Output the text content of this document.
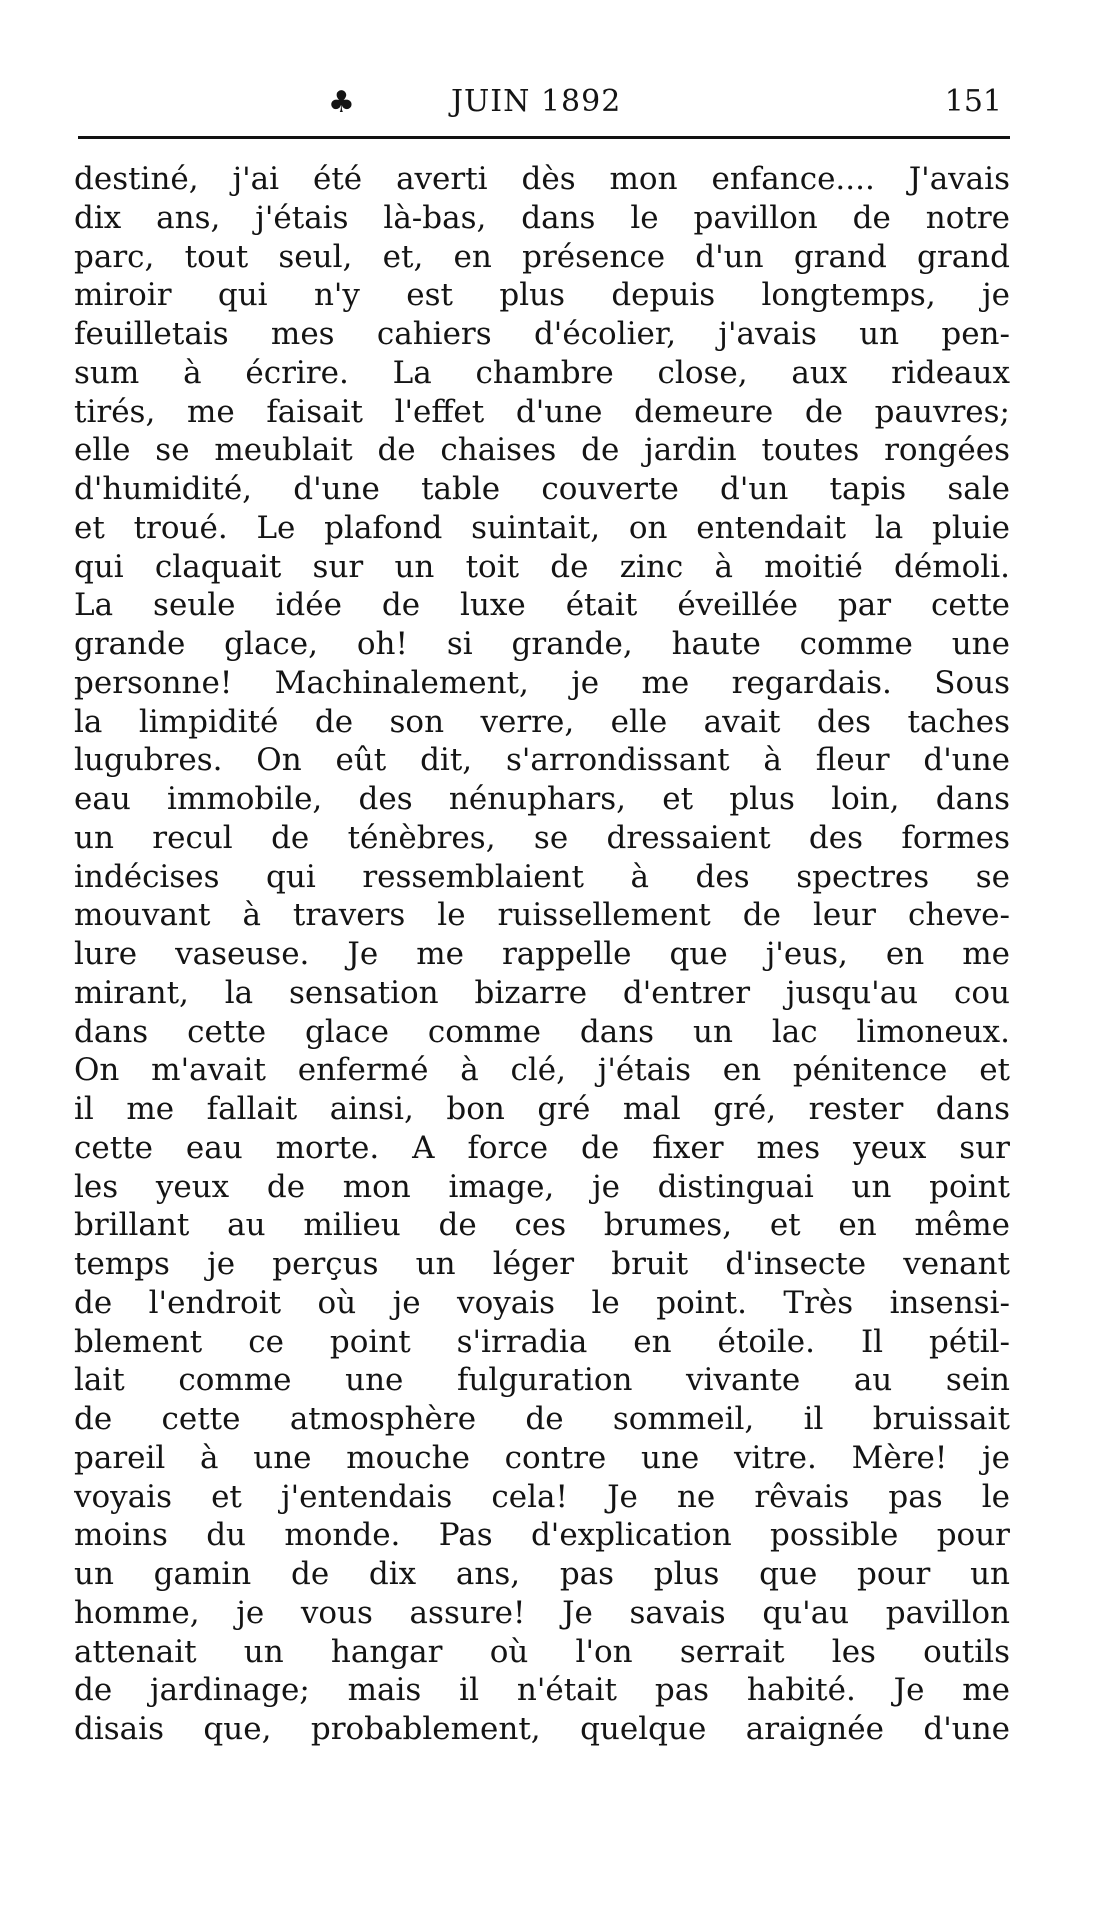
♣	JUIN 1892	151
destiné, j'ai été averti dès mon enfance.... J'avais
dix ans, j'étais là-bas, dans le pavillon de notre
parc, tout seul, et, en présence d'un grand grand
miroir qui n'y est plus depuis longtemps, je
feuilletais mes cahiers d'écolier, j'avais un pen-
sum à écrire. La chambre close, aux rideaux
tirés, me faisait l'effet d'une demeure de pauvres;
elle se meublait de chaises de jardin toutes rongées
d'humidité, d'une table couverte d'un tapis sale
et troué. Le plafond suintait, on entendait la pluie
qui claquait sur un toit de zinc à moitié démoli.
La seule idée de luxe était éveillée par cette
grande glace, oh! si grande, haute comme une
personne! Machinalement, je me regardais. Sous
la limpidité de son verre, elle avait des taches
lugubres. On eût dit, s'arrondissant à fleur d'une
eau immobile, des nénuphars, et plus loin, dans
un recul de ténèbres, se dressaient des formes
indécises qui ressemblaient à des spectres se
mouvant à travers le ruissellement de leur cheve-
lure vaseuse. Je me rappelle que j'eus, en me
mirant, la sensation bizarre d'entrer jusqu'au cou
dans cette glace comme dans un lac limoneux.
On m'avait enfermé à clé, j'étais en pénitence et
il me fallait ainsi, bon gré mal gré, rester dans
cette eau morte. A force de fixer mes yeux sur
les yeux de mon image, je distinguai un point
brillant au milieu de ces brumes, et en même
temps je perçus un léger bruit d'insecte venant
de l'endroit où je voyais le point. Très insensi-
blement ce point s'irradia en étoile. Il pétil-
lait comme une fulguration vivante au sein
de cette atmosphère de sommeil, il bruissait
pareil à une mouche contre une vitre. Mère! je
voyais et j'entendais cela! Je ne rêvais pas le
moins du monde. Pas d'explication possible pour
un gamin de dix ans, pas plus que pour un
homme, je vous assure! Je savais qu'au pavillon
attenait un hangar où l'on serrait les outils
de jardinage; mais il n'était pas habité. Je me
disais que, probablement, quelque araignée d'une
